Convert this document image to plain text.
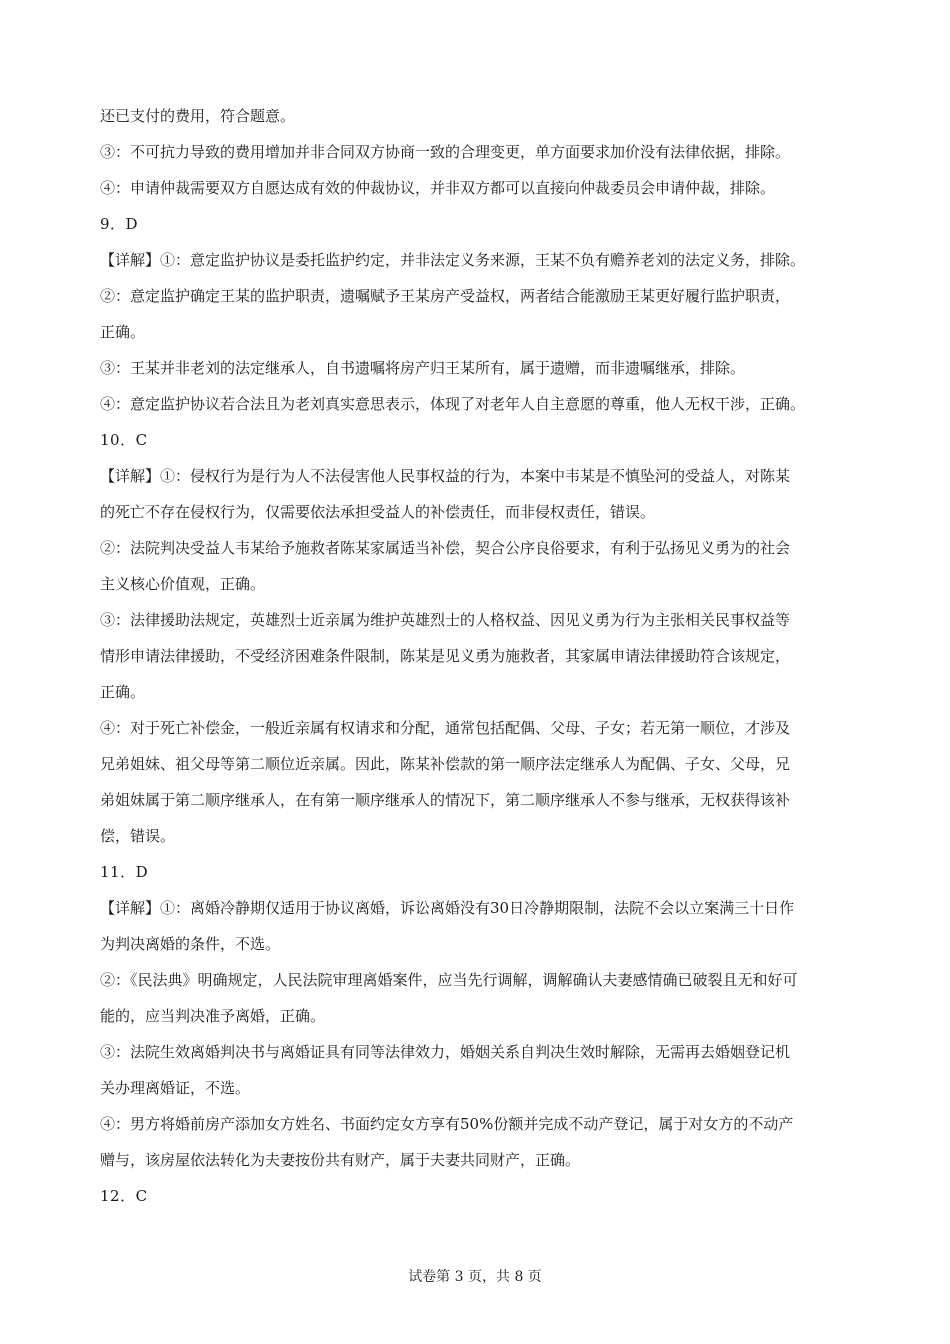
还已支付的费用，符合题意。
③：不可抗力导致的费用增加并非合同双方协商一致的合理变更，单方面要求加价没有法律依据，排除。
④：申请仲裁需要双方自愿达成有效的仲裁协议，并非双方都可以直接向仲裁委员会申请仲裁，排除。
9．D
【详解】①：意定监护协议是委托监护约定，并非法定义务来源，王某不负有赡养老刘的法定义务，排除。
②：意定监护确定王某的监护职责，遗嘱赋予王某房产受益权，两者结合能激励王某更好履行监护职责，
正确。
③：王某并非老刘的法定继承人，自书遗嘱将房产归王某所有，属于遗赠，而非遗嘱继承，排除。
④：意定监护协议若合法且为老刘真实意思表示，体现了对老年人自主意愿的尊重，他人无权干涉，正确。
10．C
【详解】①：侵权行为是行为人不法侵害他人民事权益的行为，本案中韦某是不慎坠河的受益人，对陈某
的死亡不存在侵权行为，仅需要依法承担受益人的补偿责任，而非侵权责任，错误。
②：法院判决受益人韦某给予施救者陈某家属适当补偿，契合公序良俗要求，有利于弘扬见义勇为的社会
主义核心价值观，正确。
③：法律援助法规定，英雄烈士近亲属为维护英雄烈士的人格权益、因见义勇为行为主张相关民事权益等
情形申请法律援助，不受经济困难条件限制，陈某是见义勇为施救者，其家属申请法律援助符合该规定，
正确。
④：对于死亡补偿金，一般近亲属有权请求和分配，通常包括配偶、父母、子女；若无第一顺位，才涉及
兄弟姐妹、祖父母等第二顺位近亲属。因此，陈某补偿款的第一顺序法定继承人为配偶、子女、父母，兄
弟姐妹属于第二顺序继承人，在有第一顺序继承人的情况下，第二顺序继承人不参与继承，无权获得该补
偿，错误。
11．D
【详解】①：离婚冷静期仅适用于协议离婚，诉讼离婚没有30日冷静期限制，法院不会以立案满三十日作
为判决离婚的条件，不选。
②：《民法典》明确规定，人民法院审理离婚案件，应当先行调解，调解确认夫妻感情确已破裂且无和好可
能的，应当判决准予离婚，正确。
③：法院生效离婚判决书与离婚证具有同等法律效力，婚姻关系自判决生效时解除，无需再去婚姻登记机
关办理离婚证，不选。
④：男方将婚前房产添加女方姓名、书面约定女方享有50%份额并完成不动产登记，属于对女方的不动产
赠与，该房屋依法转化为夫妻按份共有财产，属于夫妻共同财产，正确。
12．C
试卷第 3 页，共 8 页
